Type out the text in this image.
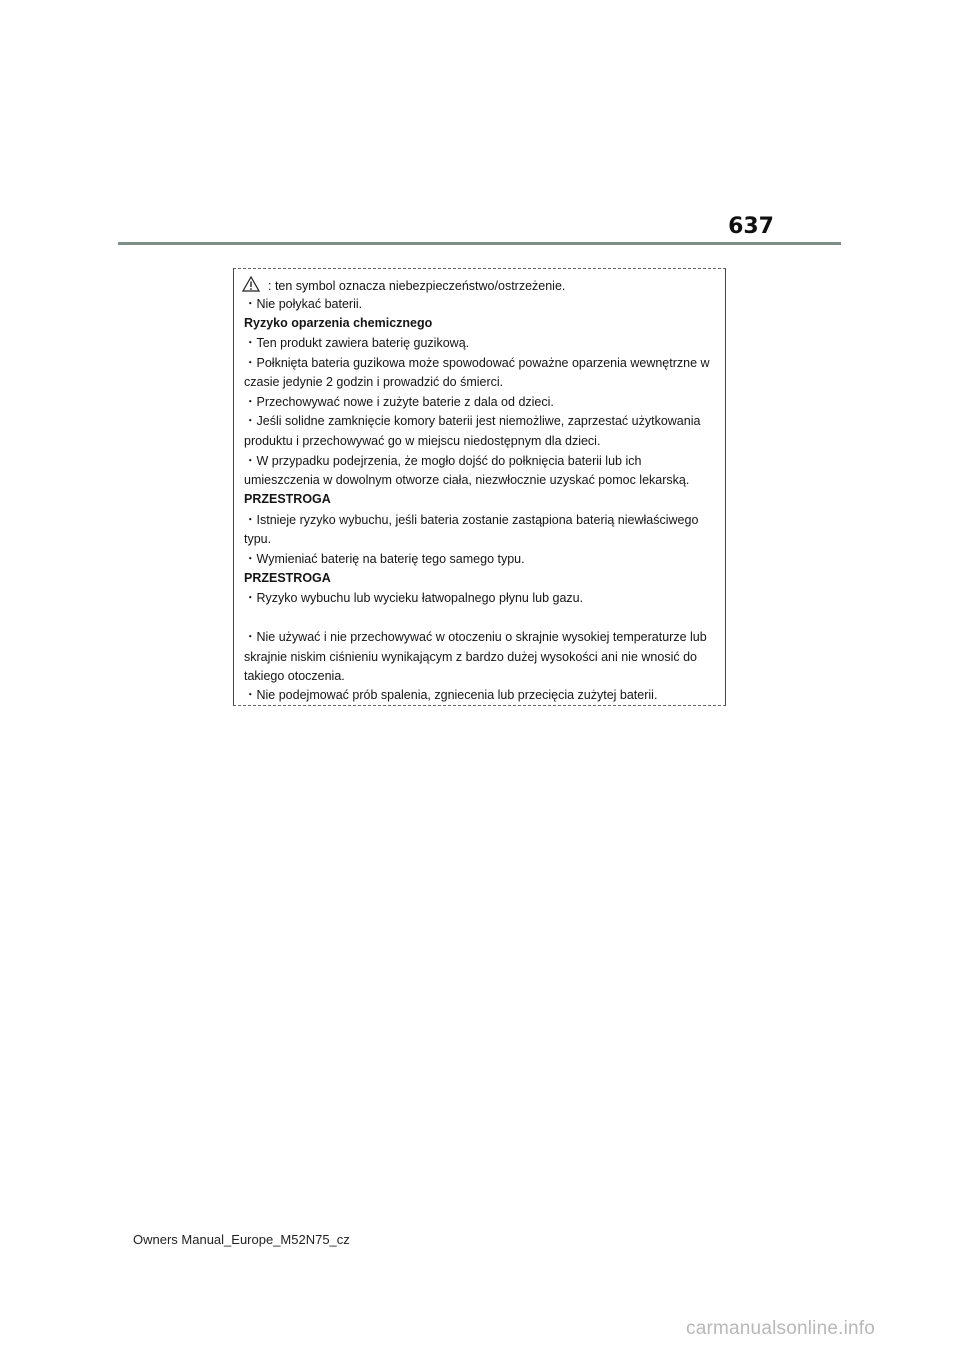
637
: ten symbol oznacza niebezpieczeństwo/ostrzeżenie.
・Nie połykać baterii.
Ryzyko oparzenia chemicznego
・Ten produkt zawiera baterię guzikową.
・Połknięta bateria guzikowa może spowodować poważne oparzenia wewnętrzne w
czasie jedynie 2 godzin i prowadzić do śmierci.
・Przechowywać nowe i zużyte baterie z dala od dzieci.
・Jeśli solidne zamknięcie komory baterii jest niemożliwe, zaprzestać użytkowania
produktu i przechowywać go w miejscu niedostępnym dla dzieci.
・W przypadku podejrzenia, że mogło dojść do połknięcia baterii lub ich
umieszczenia w dowolnym otworze ciała, niezwłocznie uzyskać pomoc lekarską.
PRZESTROGA
・Istnieje ryzyko wybuchu, jeśli bateria zostanie zastąpiona baterią niewłaściwego
typu.
・Wymieniać baterię na baterię tego samego typu.
PRZESTROGA
・Ryzyko wybuchu lub wycieku łatwopalnego płynu lub gazu.
・Nie używać i nie przechowywać w otoczeniu o skrajnie wysokiej temperaturze lub
skrajnie niskim ciśnieniu wynikającym z bardzo dużej wysokości ani nie wnosić do
takiego otoczenia.
・Nie podejmować prób spalenia, zgniecenia lub przecięcia zużytej baterii.
Owners Manual_Europe_M52N75_cz
carmanualsonline.info
